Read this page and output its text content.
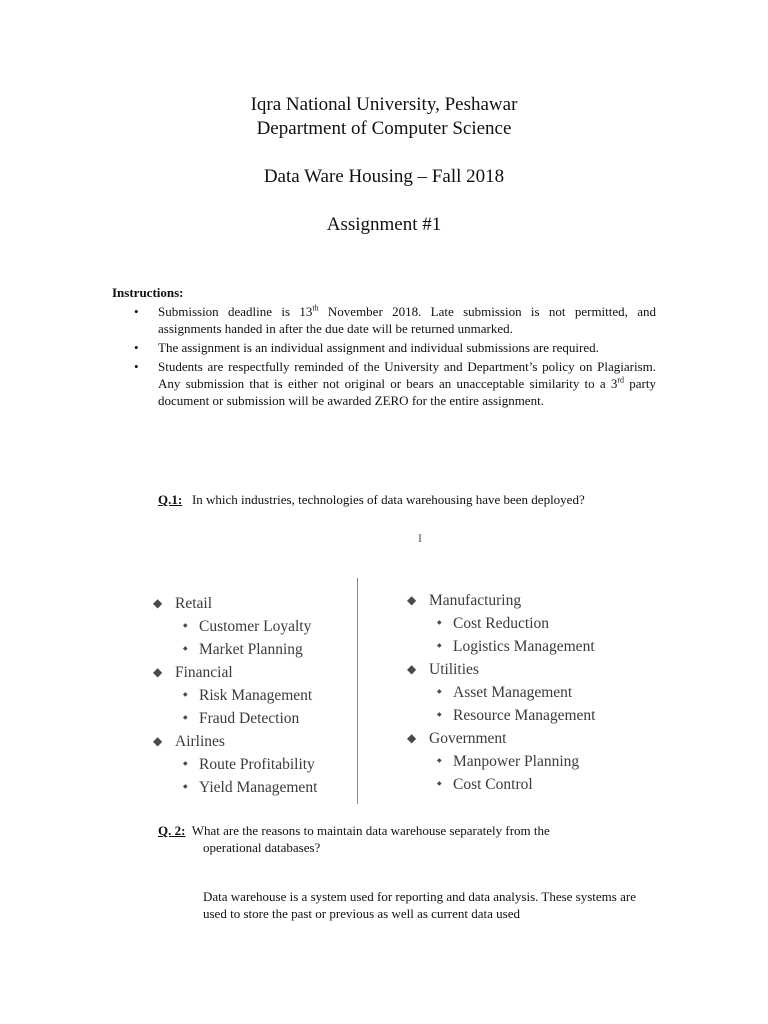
Iqra National University, Peshawar
Department of Computer Science
Data Ware Housing – Fall 2018
Assignment #1
Instructions:
• Submission deadline is 13th November 2018. Late submission is not permitted, and assignments handed in after the due date will be returned unmarked.
• The assignment is an individual assignment and individual submissions are required.
• Students are respectfully reminded of the University and Department’s policy on Plagiarism. Any submission that is either not original or bears an unacceptable similarity to a 3rd party document or submission will be awarded ZERO for the entire assignment.
Q.1: In which industries, technologies of data warehousing have been deployed?
I
◆ Retail
◆ Customer Loyalty
◆ Market Planning
◆ Financial
◆ Risk Management
◆ Fraud Detection
◆ Airlines
◆ Route Profitability
◆ Yield Management
◆ Manufacturing
◆ Cost Reduction
◆ Logistics Management
◆ Utilities
◆ Asset Management
◆ Resource Management
◆ Government
◆ Manpower Planning
◆ Cost Control
Q. 2: What are the reasons to maintain data warehouse separately from the
operational databases?
Data warehouse is a system used for reporting and data analysis. These systems are used to store the past or previous as well as current data used
